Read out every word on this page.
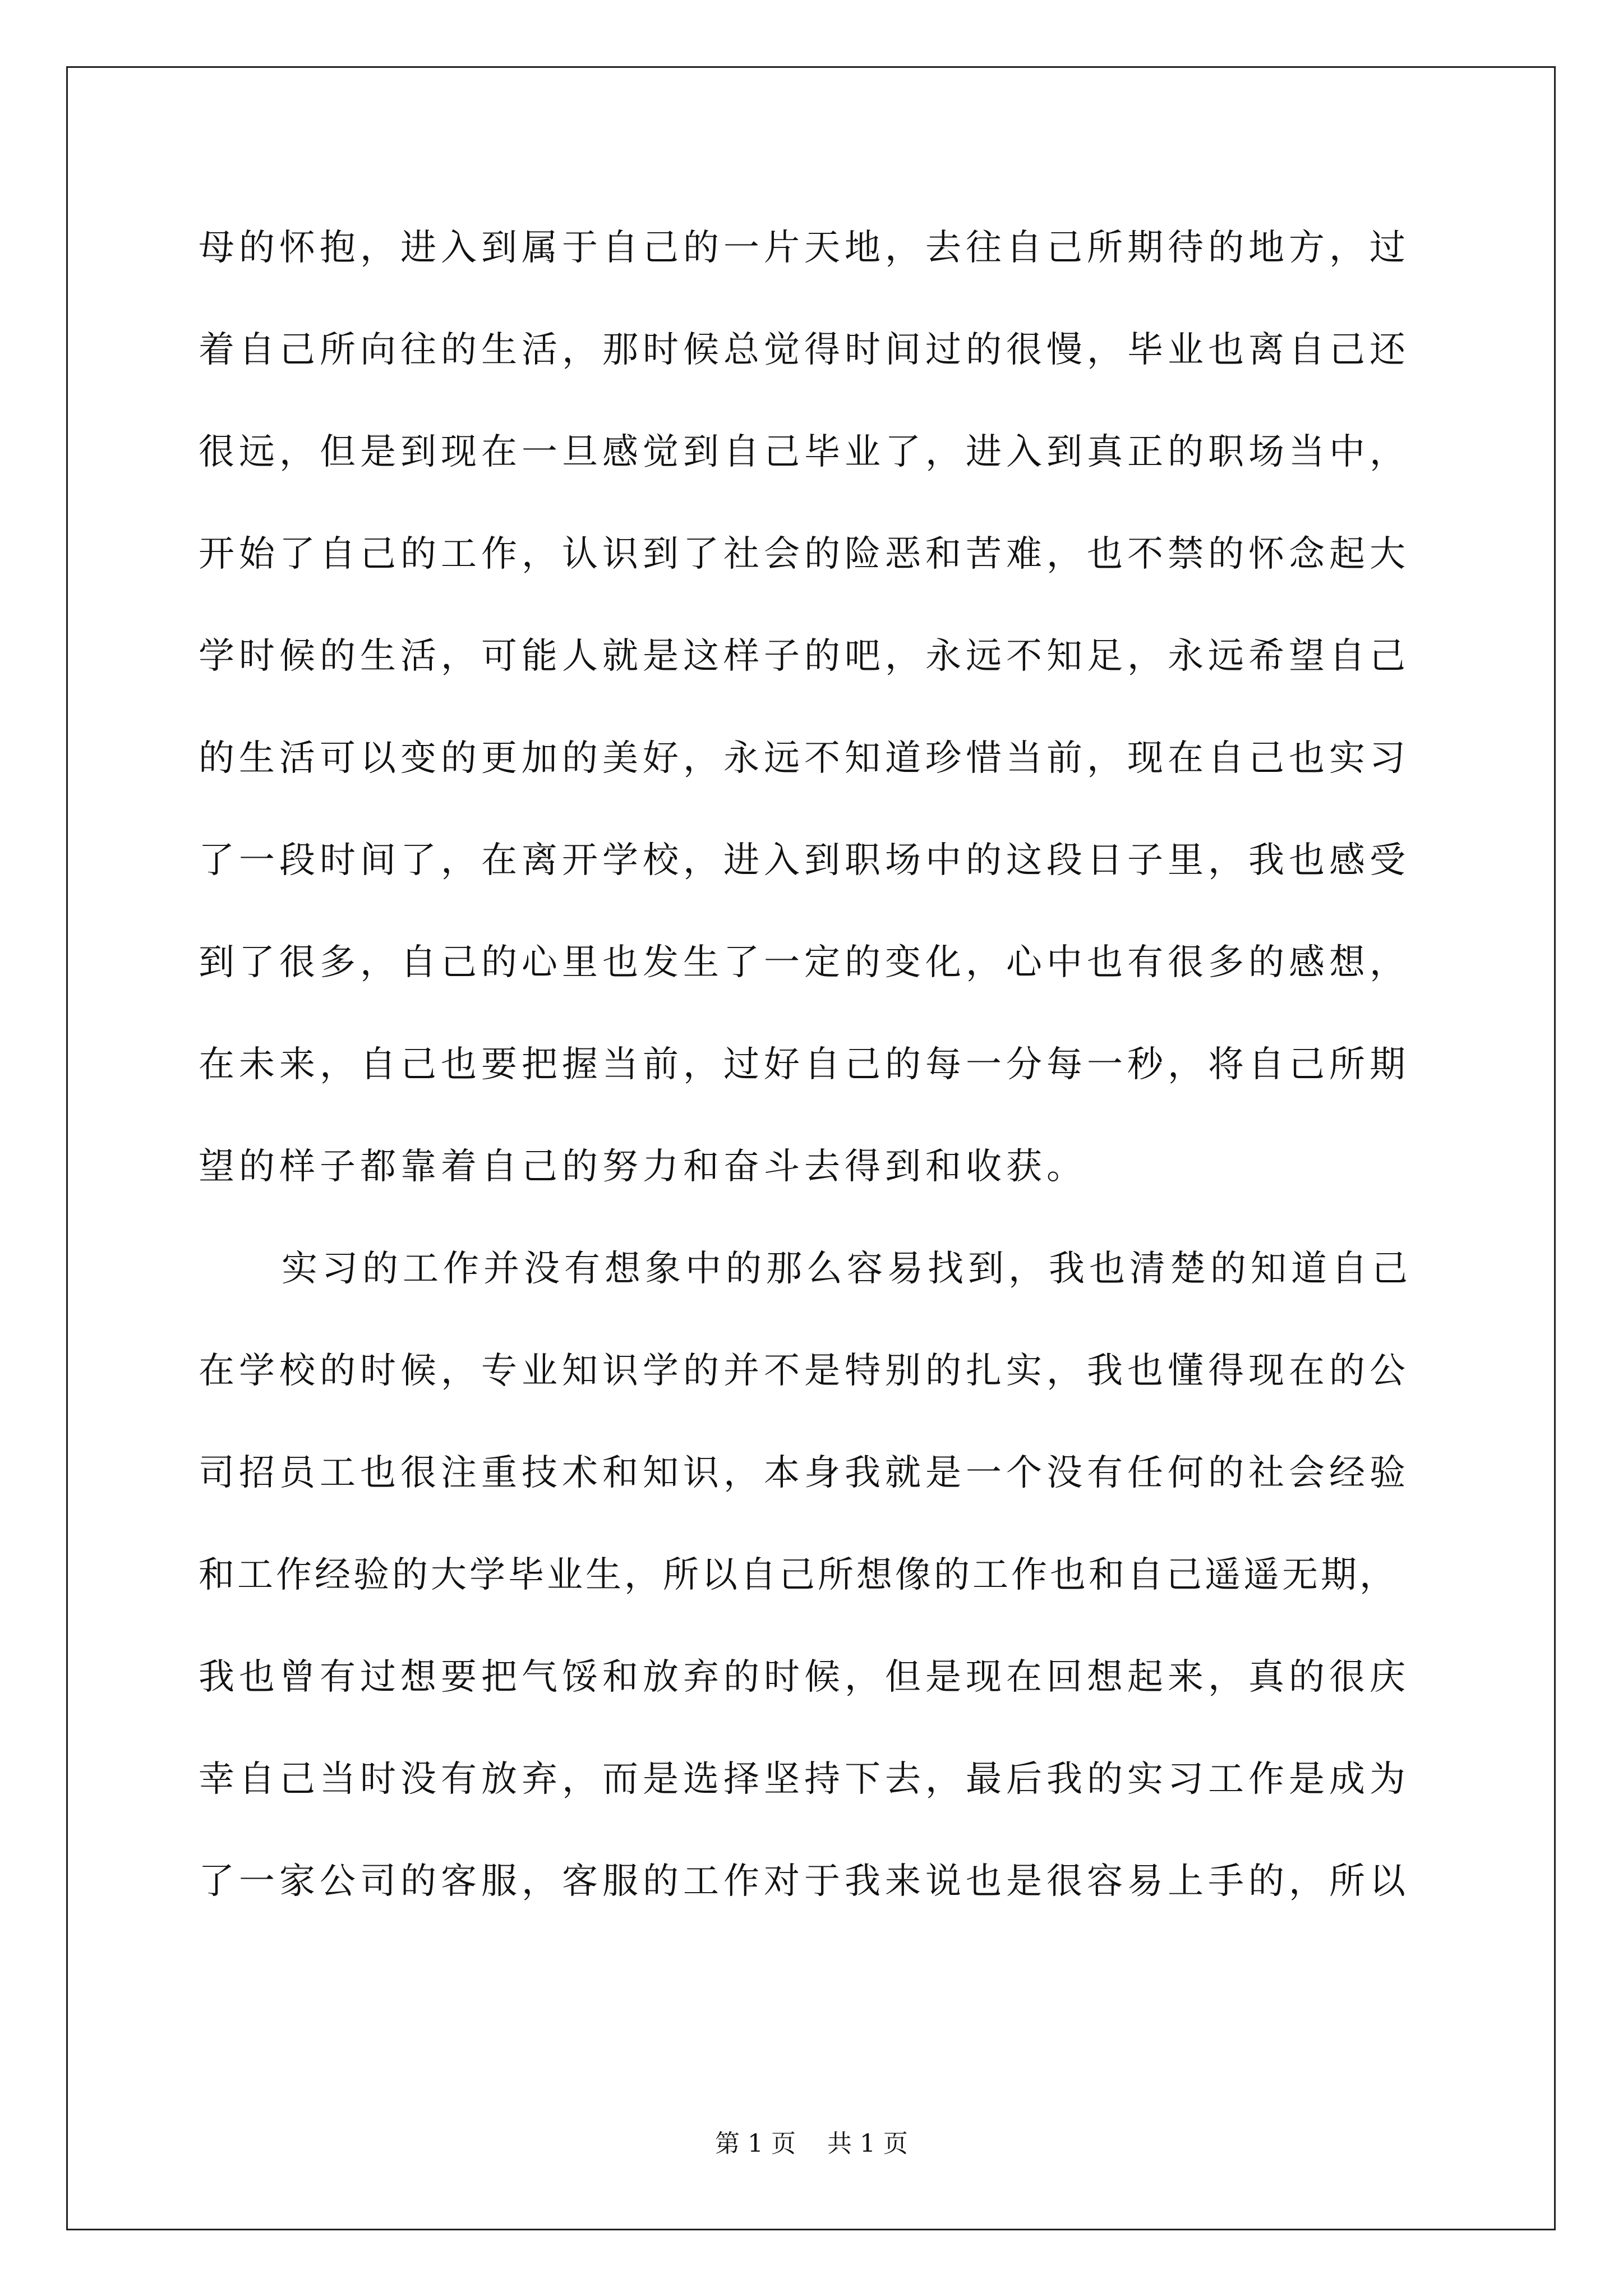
母的怀抱，进入到属于自己的一片天地，去往自己所期待的地方，过
着自己所向往的生活，那时候总觉得时间过的很慢，毕业也离自己还
很远，但是到现在一旦感觉到自己毕业了，进入到真正的职场当中，
开始了自己的工作，认识到了社会的险恶和苦难，也不禁的怀念起大
学时候的生活，可能人就是这样子的吧，永远不知足，永远希望自己
的生活可以变的更加的美好，永远不知道珍惜当前，现在自己也实习
了一段时间了，在离开学校，进入到职场中的这段日子里，我也感受
到了很多，自己的心里也发生了一定的变化，心中也有很多的感想，
在未来，自己也要把握当前，过好自己的每一分每一秒，将自己所期
望的样子都靠着自己的努力和奋斗去得到和收获。
实习的工作并没有想象中的那么容易找到，我也清楚的知道自己
在学校的时候，专业知识学的并不是特别的扎实，我也懂得现在的公
司招员工也很注重技术和知识，本身我就是一个没有任何的社会经验
和工作经验的大学毕业生，所以自己所想像的工作也和自己遥遥无期，
我也曾有过想要把气馁和放弃的时候，但是现在回想起来，真的很庆
幸自己当时没有放弃，而是选择坚持下去，最后我的实习工作是成为
了一家公司的客服，客服的工作对于我来说也是很容易上手的，所以
第 1 页    共 1 页
